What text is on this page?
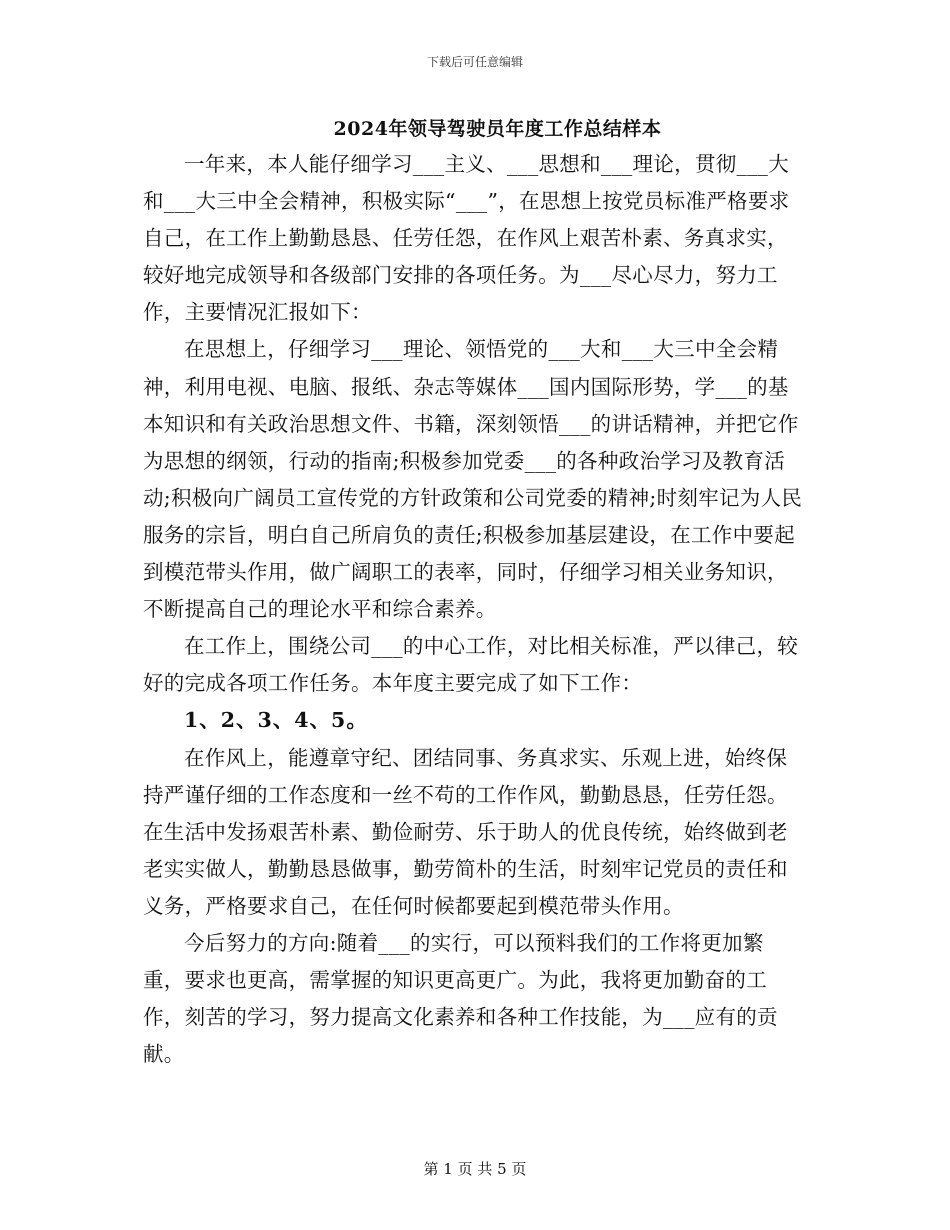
下载后可任意编辑
2024年领导驾驶员年度工作总结样本

一年来，本人能仔细学习___主义、___思想和___理论，贯彻___大和___大三中全会精神，积极实际“___”，在思想上按党员标准严格要求自己，在工作上勤勤恳恳、任劳任怨，在作风上艰苦朴素、务真求实，较好地完成领导和各级部门安排的各项任务。为___尽心尽力，努力工作，主要情况汇报如下：

在思想上，仔细学习___理论、领悟党的___大和___大三中全会精神，利用电视、电脑、报纸、杂志等媒体___国内国际形势，学___的基本知识和有关政治思想文件、书籍，深刻领悟___的讲话精神，并把它作为思想的纲领，行动的指南;积极参加党委___的各种政治学习及教育活动;积极向广阔员工宣传党的方针政策和公司党委的精神;时刻牢记为人民服务的宗旨，明白自己所肩负的责任;积极参加基层建设，在工作中要起到模范带头作用，做广阔职工的表率，同时，仔细学习相关业务知识，不断提高自己的理论水平和综合素养。

在工作上，围绕公司___的中心工作，对比相关标准，严以律己，较好的完成各项工作任务。本年度主要完成了如下工作：

1、2、3、4、5。

在作风上，能遵章守纪、团结同事、务真求实、乐观上进，始终保持严谨仔细的工作态度和一丝不苟的工作作风，勤勤恳恳，任劳任怨。在生活中发扬艰苦朴素、勤俭耐劳、乐于助人的优良传统，始终做到老老实实做人，勤勤恳恳做事，勤劳简朴的生活，时刻牢记党员的责任和义务，严格要求自己，在任何时候都要起到模范带头作用。

今后努力的方向:随着___的实行，可以预料我们的工作将更加繁重，要求也更高，需掌握的知识更高更广。为此，我将更加勤奋的工作，刻苦的学习，努力提高文化素养和各种工作技能，为___应有的贡献。

第 1 页 共 5 页
